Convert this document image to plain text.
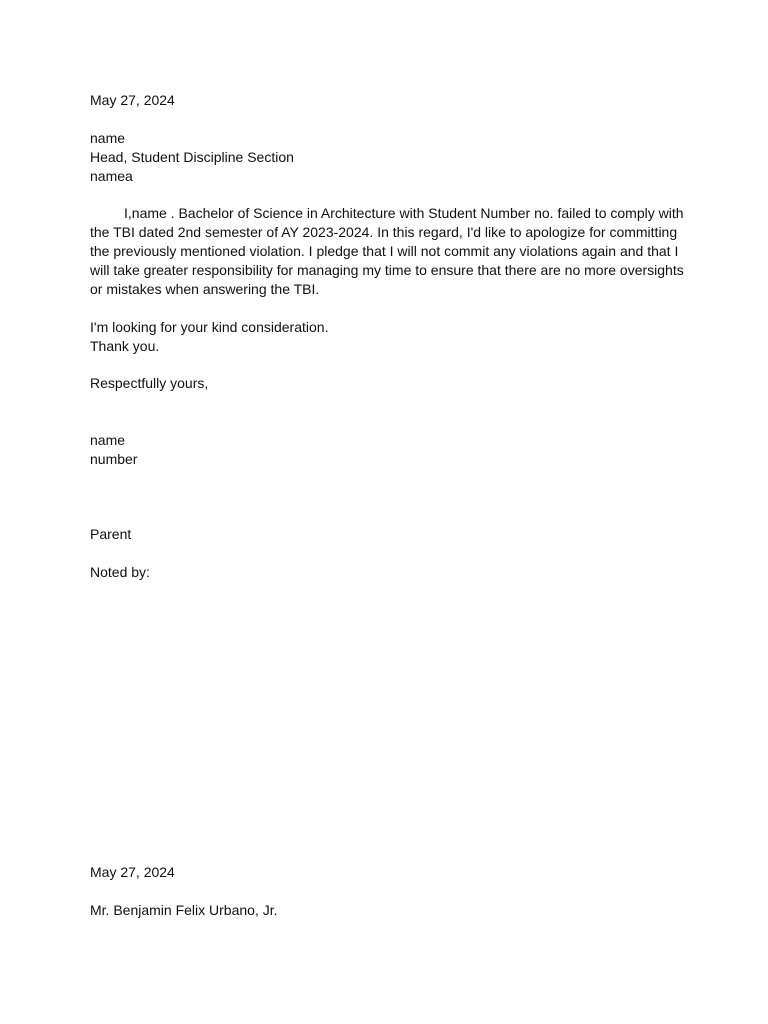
May 27, 2024
name
Head, Student Discipline Section
namea
I,name . Bachelor of Science in Architecture with Student Number no. failed to comply with
the TBI dated 2nd semester of AY 2023-2024. In this regard, I'd like to apologize for committing
the previously mentioned violation. I pledge that I will not commit any violations again and that I
will take greater responsibility for managing my time to ensure that there are no more oversights
or mistakes when answering the TBI.
I'm looking for your kind consideration.
Thank you.
Respectfully yours,
name
number
Parent
Noted by:
May 27, 2024
Mr. Benjamin Felix Urbano, Jr.
